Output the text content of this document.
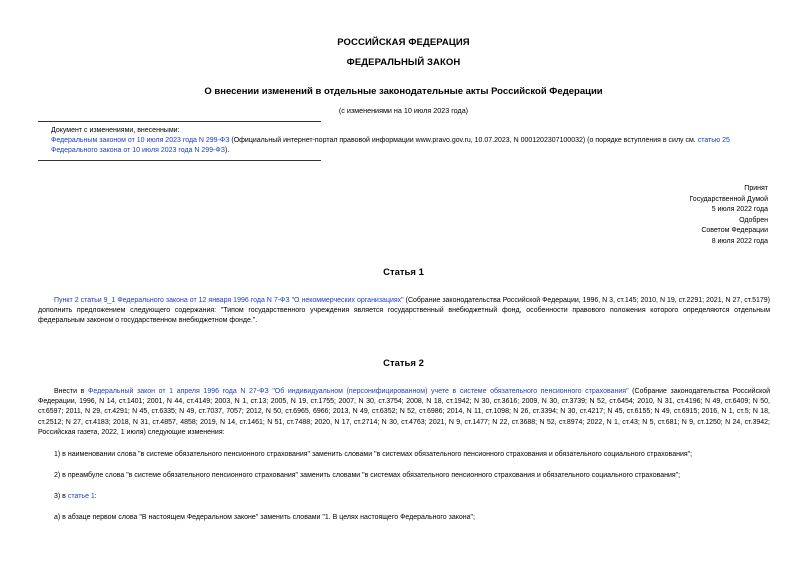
РОССИЙСКАЯ ФЕДЕРАЦИЯ
ФЕДЕРАЛЬНЫЙ ЗАКОН
О внесении изменений в отдельные законодательные акты Российской Федерации
(с изменениями на 10 июля 2023 года)
Документ с изменениями, внесенными:
Федеральным законом от 10 июля 2023 года N 299-ФЗ (Официальный интернет-портал правовой информации www.pravo.gov.ru, 10.07.2023, N 0001202307100032) (о порядке вступления в силу см. статью 25 Федерального закона от 10 июля 2023 года N 299-ФЗ).
Принят
Государственной Думой
5 июля 2022 года
Одобрен
Советом Федерации
8 июля 2022 года
Статья 1
Пункт 2 статьи 9_1 Федерального закона от 12 января 1996 года N 7-ФЗ "О некоммерческих организациях" (Собрание законодательства Российской Федерации, 1996, N 3, ст.145; 2010, N 19, ст.2291; 2021, N 27, ст.5179) дополнить предложением следующего содержания: "Типом государственного учреждения является государственный внебюджетный фонд, особенности правового положения которого определяются отдельным федеральным законом о государственном внебюджетном фонде.".
Статья 2
Внести в Федеральный закон от 1 апреля 1996 года N 27-ФЗ "Об индивидуальном (персонифицированном) учете в системе обязательного пенсионного страхования" (Собрание законодательства Российской Федерации, 1996, N 14, ст.1401; 2001, N 44, ст.4149; 2003, N 1, ст.13; 2005, N 19, ст.1755; 2007, N 30, ст.3754; 2008, N 18, ст.1942; N 30, ст.3616; 2009, N 30, ст.3739; N 52, ст.6454; 2010, N 31, ст.4196; N 49, ст.6409; N 50, ст.6597; 2011, N 29, ст.4291; N 45, ст.6335; N 49, ст.7037, 7057; 2012, N 50, ст.6965, 6966; 2013, N 49, ст.6352; N 52, ст.6986; 2014, N 11, ст.1098; N 26, ст.3394; N 30, ст.4217; N 45, ст.6155; N 49, ст.6915; 2016, N 1, ст.5; N 18, ст.2512; N 27, ст.4183; 2018, N 31, ст.4857, 4858; 2019, N 14, ст.1461; N 51, ст.7488; 2020, N 17, ст.2714; N 30, ст.4763; 2021, N 9, ст.1477; N 22, ст.3688; N 52, ст.8974; 2022, N 1, ст.43; N 5, ст.681; N 9, ст.1250; N 24, ст.3942; Российская газета, 2022, 1 июля) следующие изменения:
1) в наименовании слова "в системе обязательного пенсионного страхования" заменить словами "в системах обязательного пенсионного страхования и обязательного социального страхования";
2) в преамбуле слова "в системе обязательного пенсионного страхования" заменить словами "в системах обязательного пенсионного страхования и обязательного социального страхования";
3) в статье 1:
а) в абзаце первом слова "В настоящем Федеральном законе" заменить словами "1. В целях настоящего Федерального закона";
